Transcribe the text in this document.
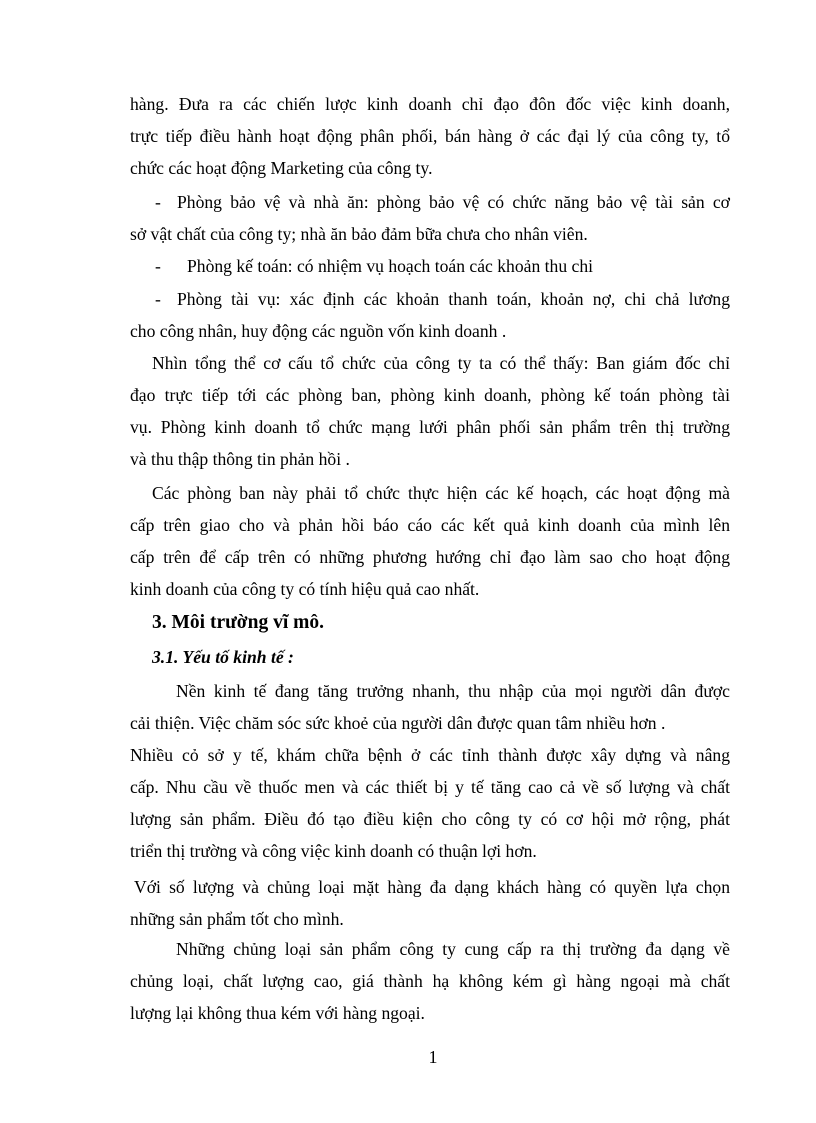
hàng. Đưa ra các chiến lược kinh doanh chỉ đạo đôn đốc việc kinh doanh,
trực tiếp điều hành hoạt động phân phối, bán hàng ở các đại lý của công ty, tổ
chức các hoạt động Marketing của công ty.
- Phòng bảo vệ và nhà ăn: phòng bảo vệ có chức năng bảo vệ tài sản cơ
sở vật chất của công ty; nhà ăn bảo đảm bữa chưa cho nhân viên.
- Phòng kế toán: có nhiệm vụ hoạch toán các khoản thu chi
- Phòng tài vụ: xác định các khoản thanh toán, khoản nợ, chi chả lương
cho công nhân, huy động các nguồn vốn kinh doanh .
Nhìn tổng thể cơ cấu tổ chức của công ty ta có thể thấy: Ban giám đốc chỉ
đạo trực tiếp tới các phòng ban, phòng kinh doanh, phòng kế toán phòng tài
vụ. Phòng kinh doanh tổ chức mạng lưới phân phối sản phẩm trên thị trường
và thu thập thông tin phản hồi .
Các phòng ban này phải tổ chức thực hiện các kế hoạch, các hoạt động mà
cấp trên giao cho và phản hồi báo cáo các kết quả kinh doanh của mình lên
cấp trên để cấp trên có những phương hướng chỉ đạo làm sao cho hoạt động
kinh doanh của công ty có tính hiệu quả cao nhất.
3. Môi trường vĩ mô.
3.1. Yếu tố kinh tế :
Nền kinh tế đang tăng trưởng nhanh, thu nhập của mọi người dân được
cải thiện. Việc chăm sóc sức khoẻ của người dân được quan tâm nhiều hơn .
Nhiều cỏ sở y tế, khám chữa bệnh ở các tỉnh thành được xây dựng và nâng
cấp. Nhu cầu về thuốc men và các thiết bị y tế tăng cao cả về số lượng và chất
lượng sản phẩm. Điều đó tạo điều kiện cho công ty có cơ hội mở rộng, phát
triển thị trường và công việc kinh doanh có thuận lợi hơn.
Với số lượng và chủng loại mặt hàng đa dạng khách hàng có quyền lựa chọn
những sản phẩm tốt cho mình.
Những chủng loại sản phẩm công ty cung cấp ra thị trường đa dạng về
chủng loại, chất lượng cao, giá thành hạ không kém gì hàng ngoại mà chất
lượng lại không thua kém với hàng ngoại.
1
